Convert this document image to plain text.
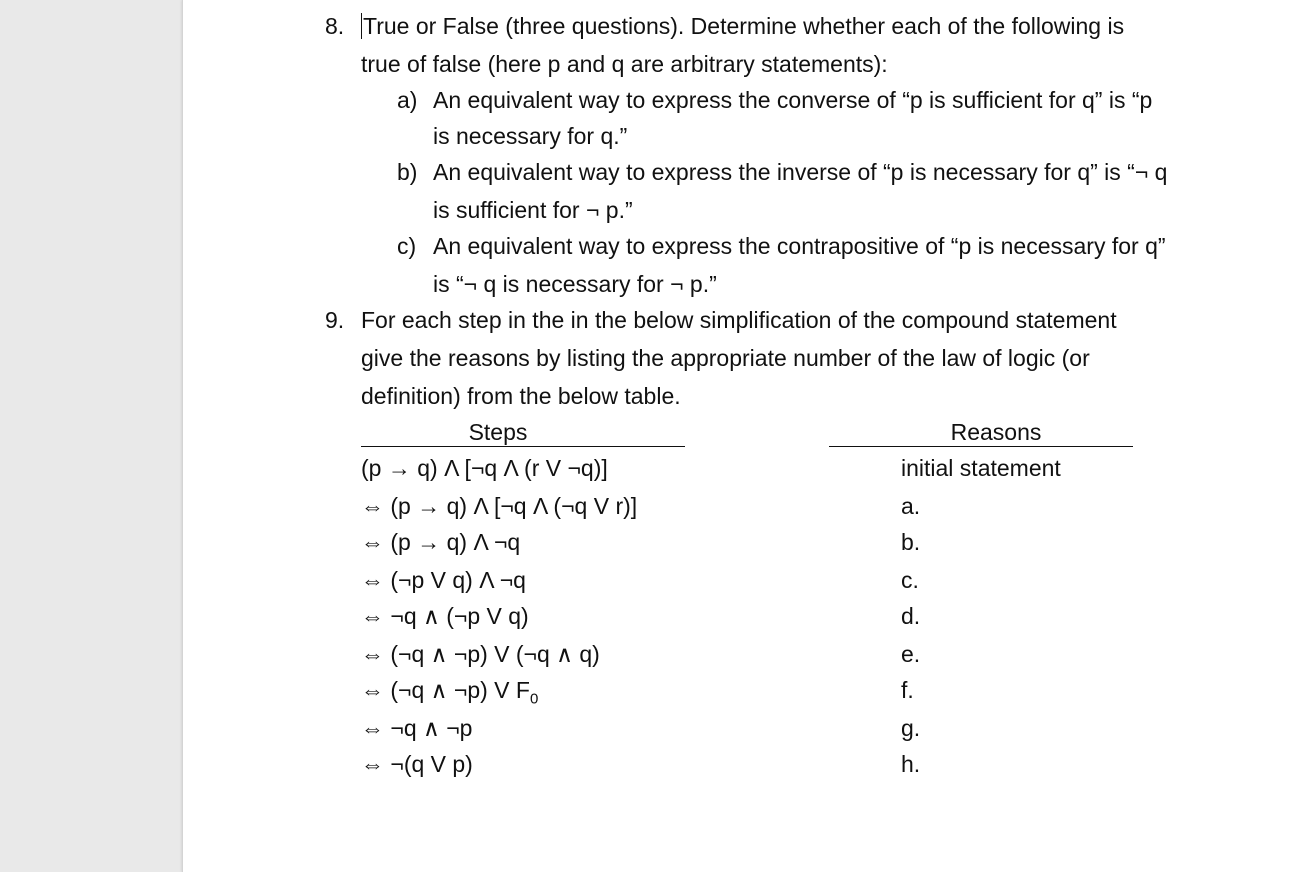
8. True or False (three questions). Determine whether each of the following is
true of false (here p and q are arbitrary statements):
a) An equivalent way to express the converse of “p is sufficient for q” is “p
is necessary for q.”
b) An equivalent way to express the inverse of “p is necessary for q” is “¬ q
is sufficient for ¬ p.”
c) An equivalent way to express the contrapositive of “p is necessary for q”
is “¬ q is necessary for ¬ p.”
9. For each step in the in the below simplification of the compound statement
give the reasons by listing the appropriate number of the law of logic (or
definition) from the below table.
Steps	Reasons
(p → q) Λ [¬q Λ (r V ¬q)]	initial statement
⇔ (p → q) Λ [¬q Λ (¬q V r)]	a.
⇔ (p → q) Λ ¬q	b.
⇔ (¬p V q) Λ ¬q	c.
⇔ ¬q ∧ (¬p V q)	d.
⇔ (¬q ∧ ¬p) V (¬q ∧ q)	e.
⇔ (¬q ∧ ¬p) V $F_0$	f.
⇔ ¬q ∧ ¬p	g.
⇔ ¬(q V p)	h.
